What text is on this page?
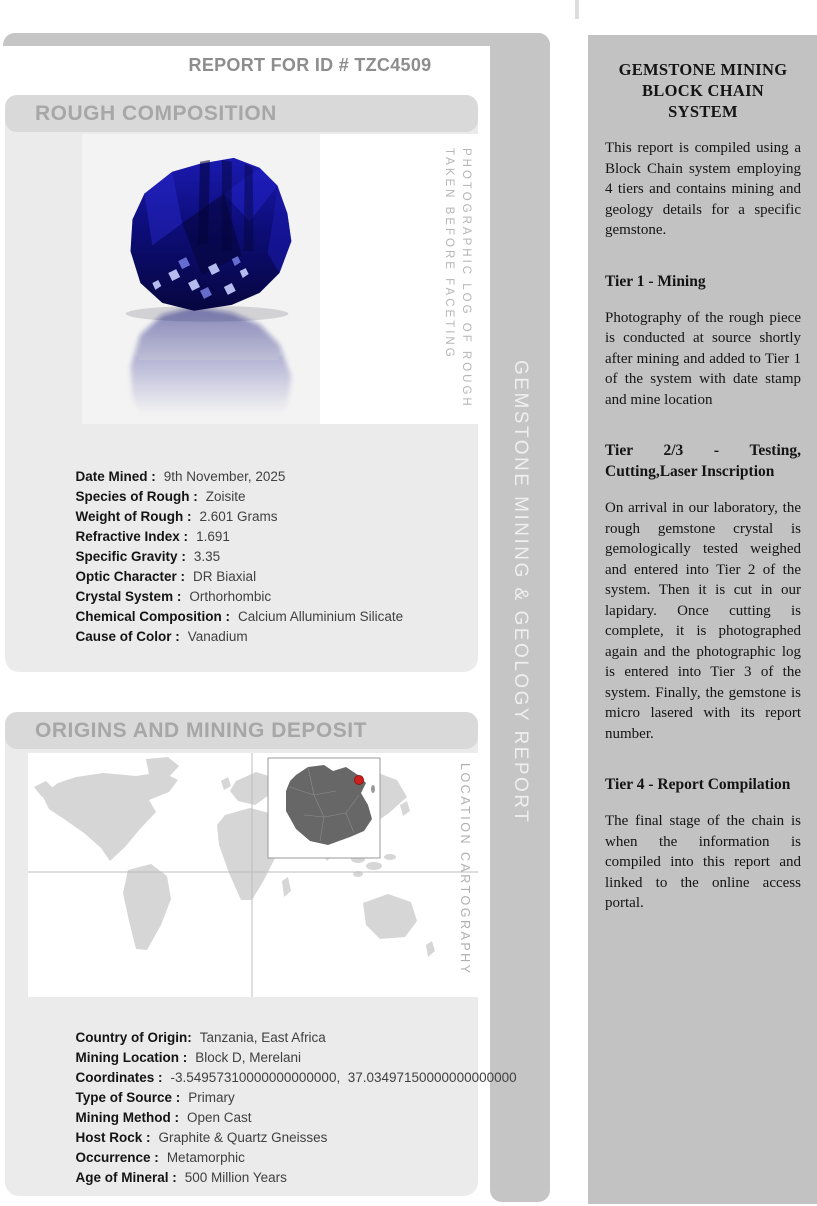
GEMSTONE MINING & GEOLOGY REPORT
REPORT FOR ID # TZC4509
ROUGH COMPOSITION
PHOTOGRAPHIC LOG OF ROUGH
TAKEN BEFORE FACETING

Date Mined : 9th November, 2025

Species of Rough : Zoisite

Weight of Rough : 2.601 Grams

Refractive Index : 1.691

Specific Gravity : 3.35

Optic Character : DR Biaxial

Crystal System : Orthorhombic

Chemical Composition : Calcium Alluminium Silicate

Cause of Color : Vanadium

ORIGINS AND MINING DEPOSIT
LOCATION CARTOGRAPHY

Country of Origin: Tanzania, East Africa

Mining Location : Block D, Merelani

Coordinates : -3.54957310000000000000,  37.03497150000000000000

Type of Source : Primary

Mining Method : Open Cast

Host Rock : Graphite & Quartz Gneisses

Occurrence : Metamorphic

Age of Mineral : 500 Million Years

GEMSTONE MINING BLOCK CHAIN SYSTEM
This report is compiled using a Block Chain system employing 4 tiers and contains mining and geology details for a specific gemstone.
Tier 1 - Mining
Photography of the rough piece is conducted at source shortly after mining and added to Tier 1 of the system with date stamp and mine location
Tier 2/3 - Testing, Cutting,Laser Inscription
On arrival in our laboratory, the rough gemstone crystal is gemologically tested weighed and entered into Tier 2 of the system. Then it is cut in our lapidary. Once cutting is complete, it is photographed again and the photographic log is entered into Tier 3 of the system. Finally, the gemstone is micro lasered with its report number.
Tier 4 - Report Compilation
The final stage of the chain is when the information is compiled into this report and linked to the online access portal.
